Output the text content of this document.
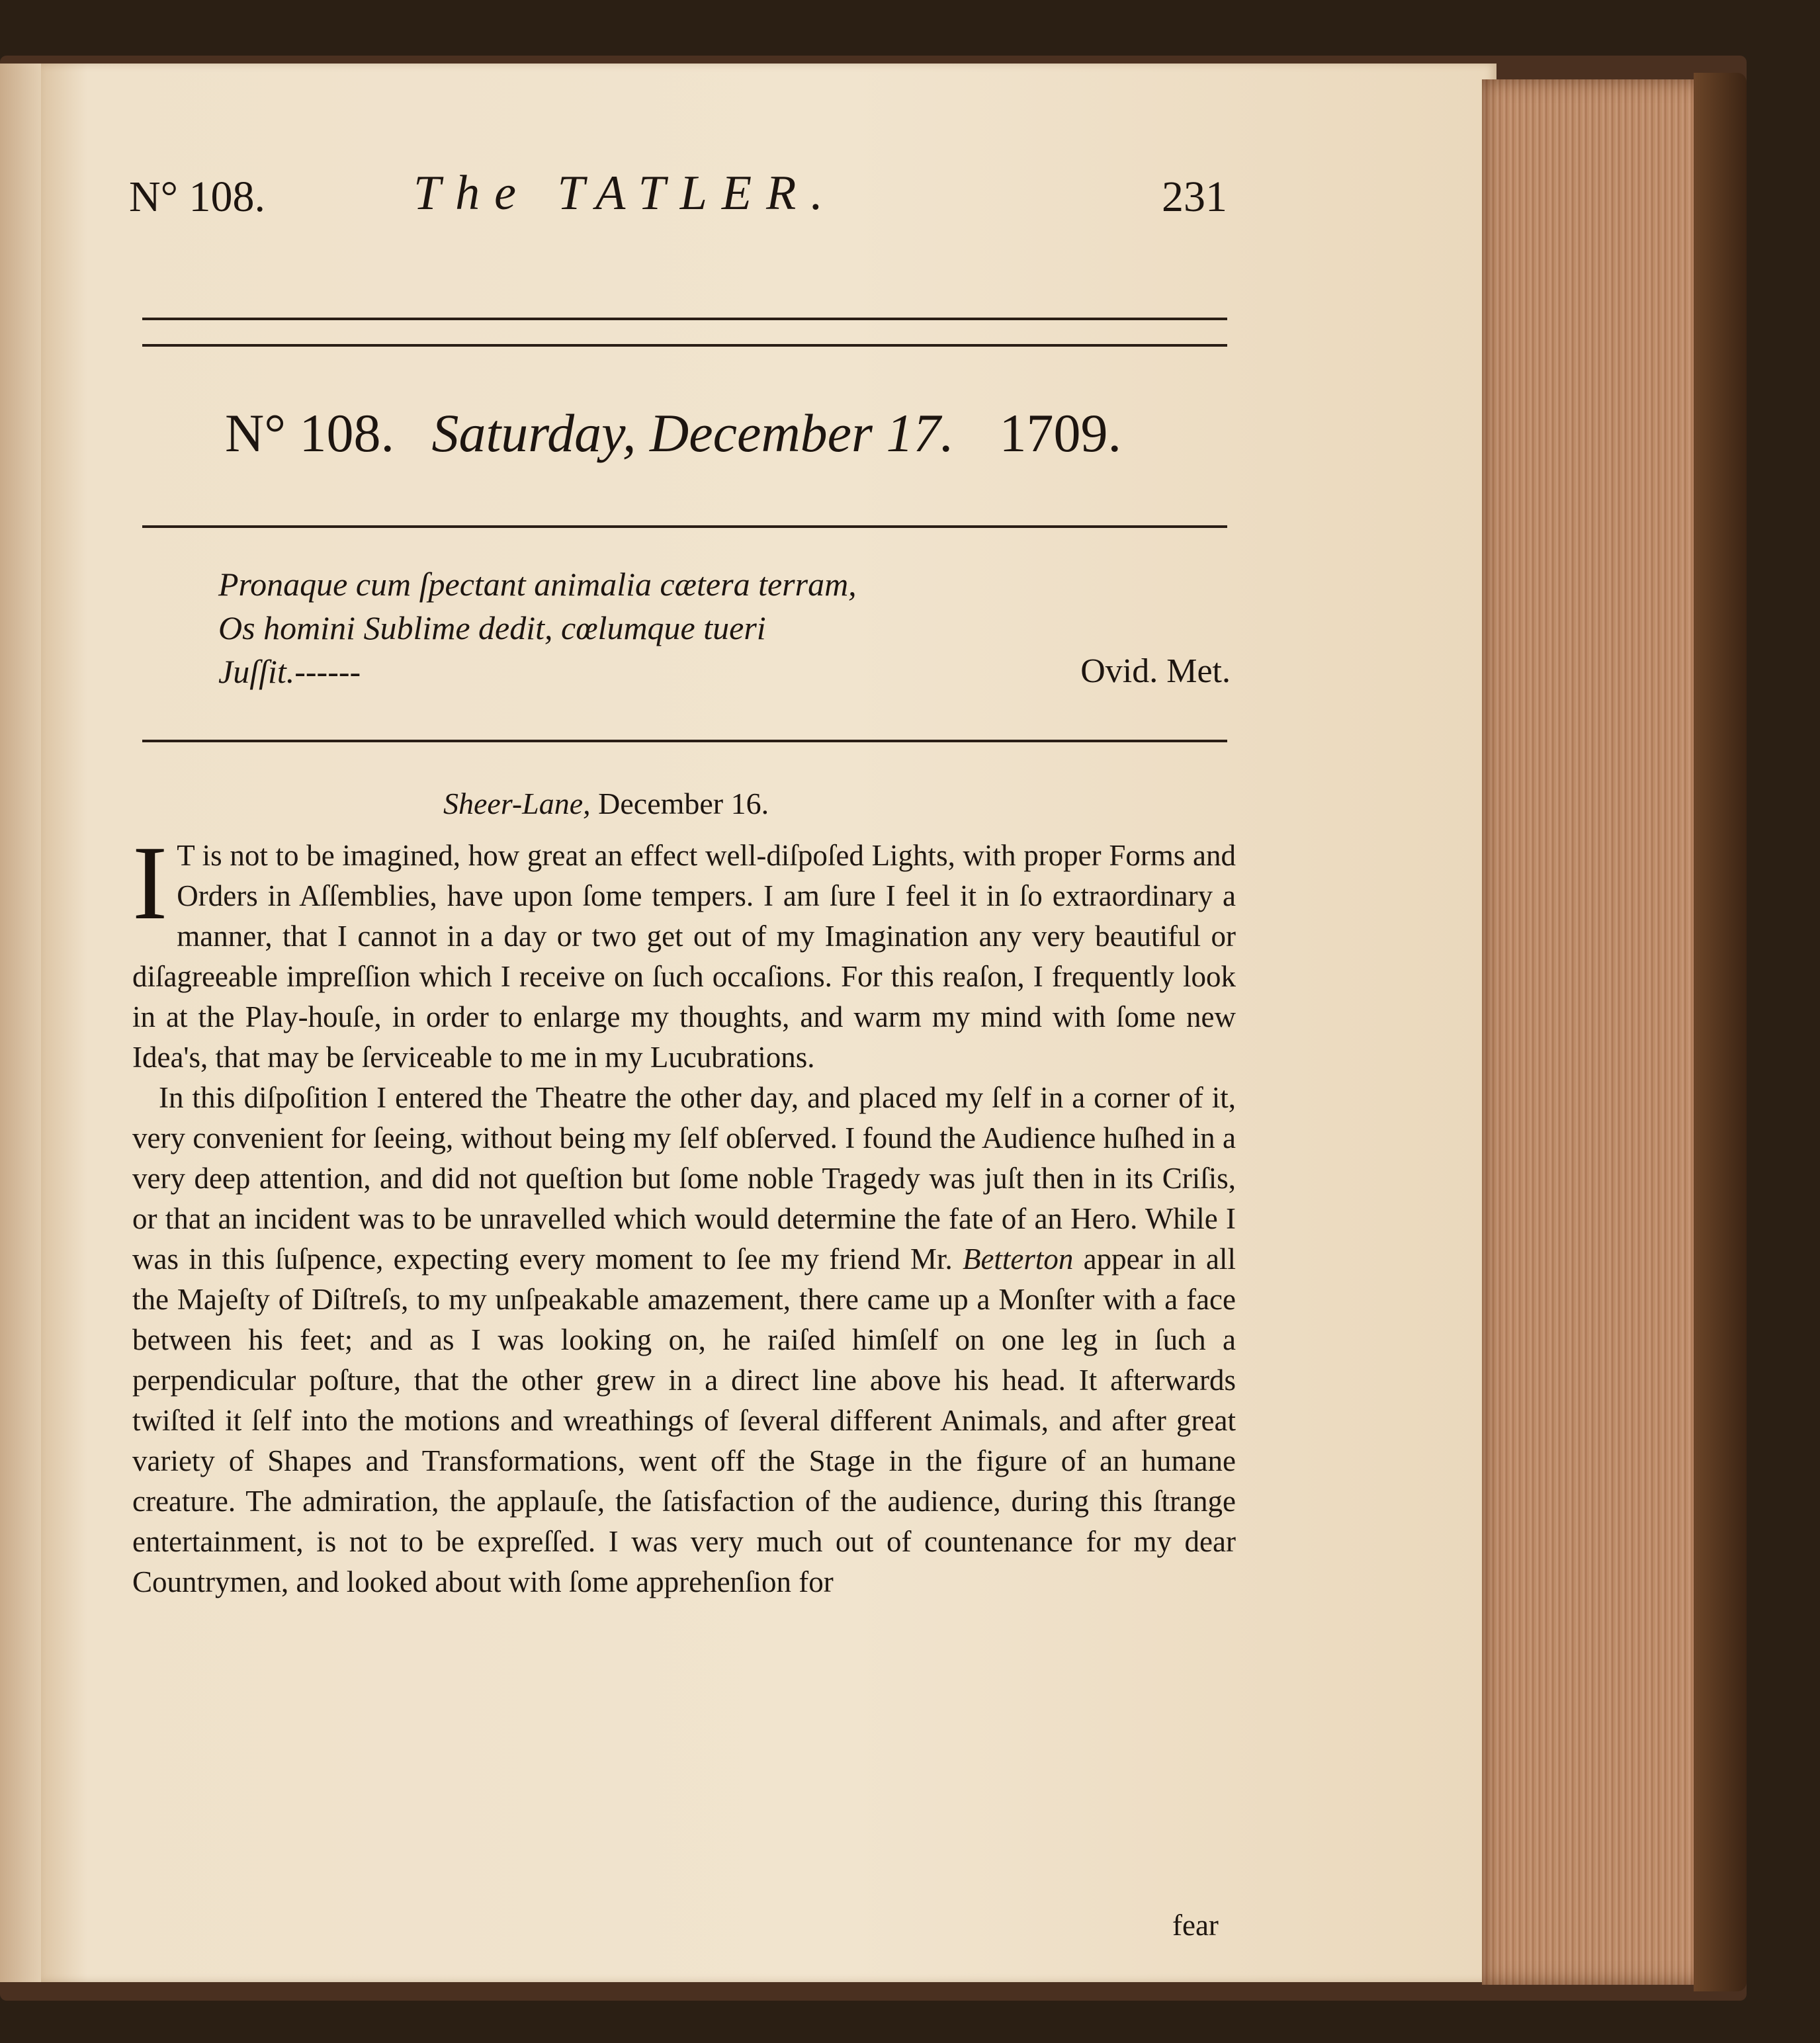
N° 108.	The TATLER.	231
N° 108. Saturday, December 17. 1709.
Pronaque cum ſpectant animalia cætera terram,
Os homini Sublime dedit, cœlumque tueri
Juſſit.------	Ovid. Met.
Sheer-Lane, December 16.

I T is not to be imagined, how great an effect well-diſpoſed Lights, with proper Forms and Orders in Aſſemblies, have upon ſome tempers. I am ſure I feel it in ſo extraordinary a manner, that I cannot in a day or two get out of my Imagination any very beautiful or diſagreeable impreſſion which I receive on ſuch occaſions. For this reaſon, I frequently look in at the Play-houſe, in order to enlarge my thoughts, and warm my mind with ſome new Idea's, that may be ſerviceable to me in my Lucubrations.

In this diſpoſition I entered the Theatre the other day, and placed my ſelf in a corner of it, very convenient for ſeeing, without being my ſelf obſerved. I found the Audience huſhed in a very deep attention, and did not queſtion but ſome noble Tragedy was juſt then in its Criſis, or that an incident was to be unravelled which would determine the fate of an Hero. While I was in this ſuſpence, expecting every moment to ſee my friend Mr. Betterton appear in all the Majeſty of Diſtreſs, to my unſpeakable amazement, there came up a Monſter with a face between his feet; and as I was looking on, he raiſed himſelf on one leg in ſuch a perpendicular poſture, that the other grew in a direct line above his head. It afterwards twiſted it ſelf into the motions and wreathings of ſeveral different Animals, and after great variety of Shapes and Transformations, went off the Stage in the figure of an humane creature. The admiration, the applauſe, the ſatisfaction of the audience, during this ſtrange entertainment, is not to be expreſſed. I was very much out of countenance for my dear Countrymen, and looked about with ſome apprehenſion for

fear
